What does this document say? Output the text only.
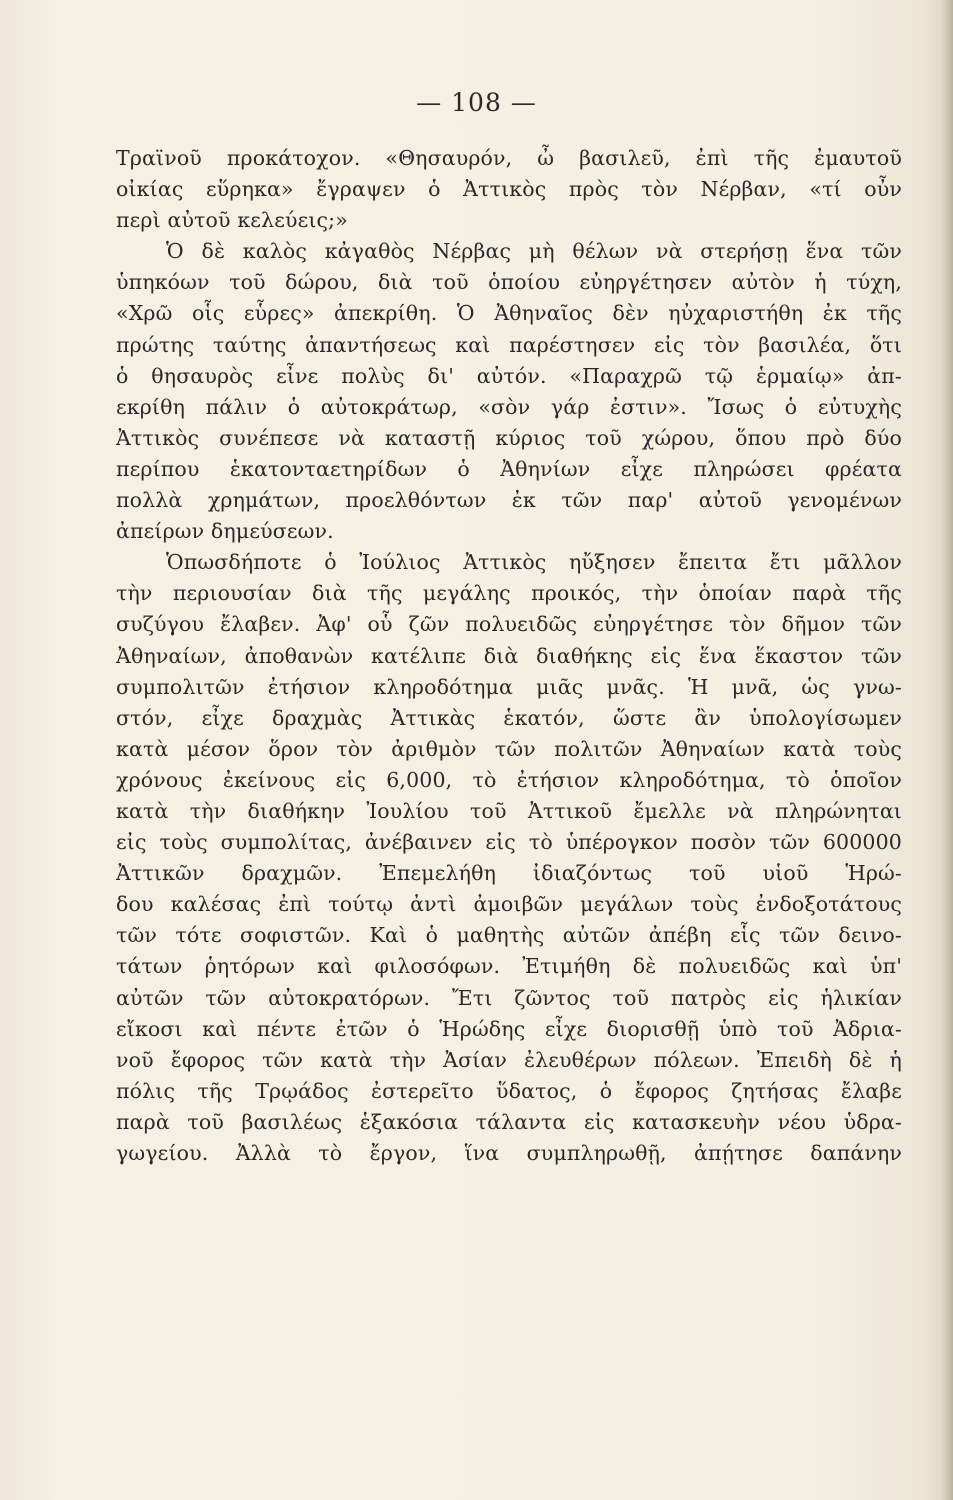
— 108 —
Τραϊνοῦ προκάτοχον. «Θησαυρόν, ὦ βασιλεῦ, ἐπὶ τῆς ἐμαυτοῦ
οἰκίας εὕρηκα» ἔγραψεν ὁ Ἀττικὸς πρὸς τὸν Νέρβαν, «τί οὖν
περὶ αὐτοῦ κελεύεις;»
Ὁ δὲ καλὸς κἀγαθὸς Νέρβας μὴ θέλων νὰ στερήσῃ ἕνα τῶν
ὑπηκόων τοῦ δώρου, διὰ τοῦ ὁποίου εὐηργέτησεν αὐτὸν ἡ τύχη,
«Χρῶ οἷς εὗρες» ἀπεκρίθη. Ὁ Ἀθηναῖος δὲν ηὐχαριστήθη ἐκ τῆς
πρώτης ταύτης ἀπαντήσεως καὶ παρέστησεν εἰς τὸν βασιλέα, ὅτι
ὁ θησαυρὸς εἶνε πολὺς δι' αὐτόν. «Παραχρῶ τῷ ἑρμαίῳ» ἀπ-
εκρίθη πάλιν ὁ αὐτοκράτωρ, «σὸν γάρ ἐστιν». Ἴσως ὁ εὐτυχὴς
Ἀττικὸς συνέπεσε νὰ καταστῇ κύριος τοῦ χώρου, ὅπου πρὸ δύο
περίπου ἑκατονταετηρίδων ὁ Ἀθηνίων εἶχε πληρώσει φρέατα
πολλὰ χρημάτων, προελθόντων ἐκ τῶν παρ' αὐτοῦ γενομένων
ἀπείρων δημεύσεων.
Ὁπωσδήποτε ὁ Ἰούλιος Ἀττικὸς ηὔξησεν ἔπειτα ἔτι μᾶλλον
τὴν περιουσίαν διὰ τῆς μεγάλης προικός, τὴν ὁποίαν παρὰ τῆς
συζύγου ἔλαβεν. Ἀφ' οὗ ζῶν πολυειδῶς εὐηργέτησε τὸν δῆμον τῶν
Ἀθηναίων, ἀποθανὼν κατέλιπε διὰ διαθήκης εἰς ἕνα ἕκαστον τῶν
συμπολιτῶν ἐτήσιον κληροδότημα μιᾶς μνᾶς. Ἡ μνᾶ, ὡς γνω-
στόν, εἶχε δραχμὰς Ἀττικὰς ἑκατόν, ὥστε ἂν ὑπολογίσωμεν
κατὰ μέσον ὅρον τὸν ἀριθμὸν τῶν πολιτῶν Ἀθηναίων κατὰ τοὺς
χρόνους ἐκείνους εἰς 6,000, τὸ ἐτήσιον κληροδότημα, τὸ ὁποῖον
κατὰ τὴν διαθήκην Ἰουλίου τοῦ Ἀττικοῦ ἔμελλε νὰ πληρώνηται
εἰς τοὺς συμπολίτας, ἀνέβαινεν εἰς τὸ ὑπέρογκον ποσὸν τῶν 600000
Ἀττικῶν δραχμῶν. Ἐπεμελήθη ἰδιαζόντως τοῦ υἱοῦ Ἡρώ-
δου καλέσας ἐπὶ τούτῳ ἀντὶ ἀμοιβῶν μεγάλων τοὺς ἐνδοξοτάτους
τῶν τότε σοφιστῶν. Καὶ ὁ μαθητὴς αὐτῶν ἀπέβη εἷς τῶν δεινο-
τάτων ῥητόρων καὶ φιλοσόφων. Ἐτιμήθη δὲ πολυειδῶς καὶ ὑπ'
αὐτῶν τῶν αὐτοκρατόρων. Ἔτι ζῶντος τοῦ πατρὸς εἰς ἡλικίαν
εἴκοσι καὶ πέντε ἐτῶν ὁ Ἡρώδης εἶχε διορισθῇ ὑπὸ τοῦ Ἀδρια-
νοῦ ἔφορος τῶν κατὰ τὴν Ἀσίαν ἐλευθέρων πόλεων. Ἐπειδὴ δὲ ἡ
πόλις τῆς Τρῳάδος ἐστερεῖτο ὕδατος, ὁ ἔφορος ζητήσας ἔλαβε
παρὰ τοῦ βασιλέως ἑξακόσια τάλαντα εἰς κατασκευὴν νέου ὑδρα-
γωγείου. Ἀλλὰ τὸ ἔργον, ἵνα συμπληρωθῇ, ἀπῄτησε δαπάνην
